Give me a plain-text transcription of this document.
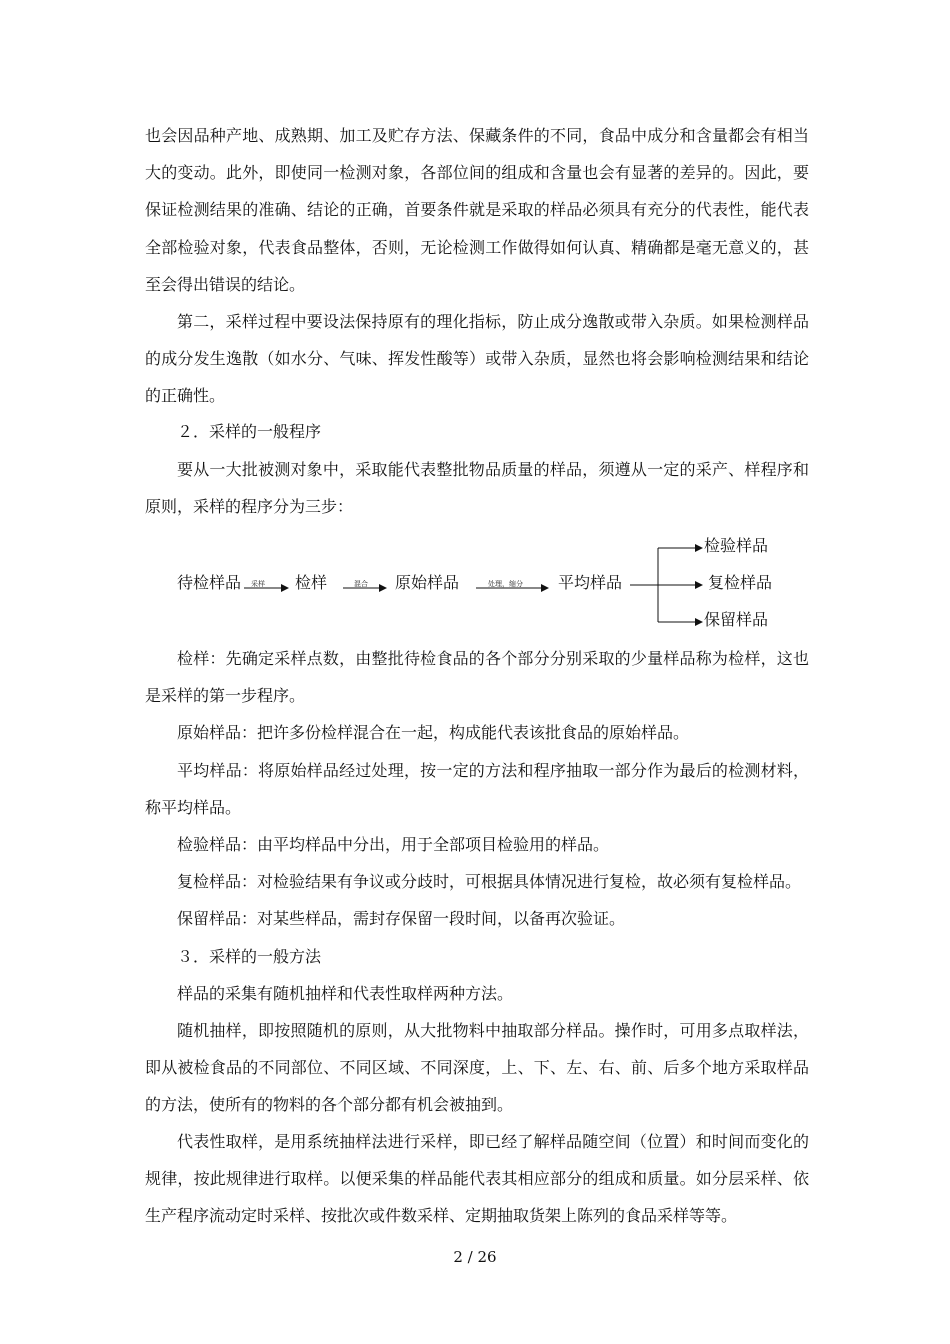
也会因品种产地、成熟期、加工及贮存方法、保藏条件的不同，食品中成分和含量都会有相当大的变动。此外，即使同一检测对象，各部位间的组成和含量也会有显著的差异的。因此，要保证检测结果的准确、结论的正确，首要条件就是采取的样品必须具有充分的代表性，能代表全部检验对象，代表食品整体，否则，无论检测工作做得如何认真、精确都是毫无意义的，甚至会得出错误的结论。

第二，采样过程中要设法保持原有的理化指标，防止成分逸散或带入杂质。如果检测样品的成分发生逸散（如水分、气味、挥发性酸等）或带入杂质，显然也将会影响检测结果和结论的正确性。

２．采样的一般程序

要从一大批被测对象中，采取能代表整批物品质量的样品，须遵从一定的采产、样程序和原则，采样的程序分为三步：

待检样品 采样 检样	混合 原始样品	处理，缩分 平均样品
检验样品
复检样品
保留样品

检样：先确定采样点数，由整批待检食品的各个部分分别采取的少量样品称为检样，这也是采样的第一步程序。

原始样品：把许多份检样混合在一起，构成能代表该批食品的原始样品。

平均样品：将原始样品经过处理，按一定的方法和程序抽取一部分作为最后的检测材料，称平均样品。

检验样品：由平均样品中分出，用于全部项目检验用的样品。

复检样品：对检验结果有争议或分歧时，可根据具体情况进行复检，故必须有复检样品。

保留样品：对某些样品，需封存保留一段时间，以备再次验证。

３．采样的一般方法

样品的采集有随机抽样和代表性取样两种方法。

随机抽样，即按照随机的原则，从大批物料中抽取部分样品。操作时，可用多点取样法，即从被检食品的不同部位、不同区域、不同深度，上、下、左、右、前、后多个地方采取样品的方法，使所有的物料的各个部分都有机会被抽到。

代表性取样，是用系统抽样法进行采样，即已经了解样品随空间（位置）和时间而变化的规律，按此规律进行取样。以便采集的样品能代表其相应部分的组成和质量。如分层采样、依生产程序流动定时采样、按批次或件数采样、定期抽取货架上陈列的食品采样等等。

2 / 26
